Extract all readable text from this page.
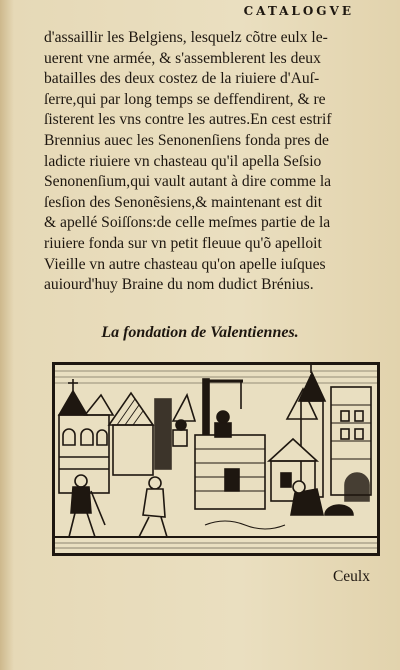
CATALOGVE
d'assaillir les Belgiens, lesquelz cõtre eulx le-
uerent vne armée, & s'assemblerent les deux
batailles des deux costez de la riuiere d'Auſ-
ſerre,qui par long temps se deffendirent, & re
ſisterent les vns contre les autres.En cest estrif
Brennius auec les Senonenſiens fonda pres de
ladicte riuiere vn chasteau qu'il apella Seſsio
Senonenſium,qui vault autant à dire comme la
ſesſion des Senonẽsiens,& maintenant est dit
& apellé Soiſſons:de celle meſmes partie de la
riuiere fonda sur vn petit fleuue qu'õ apelloit
Vieille vn autre chasteau qu'on apelle iuſques
auiourd'huy Braine du nom dudict Brénius.
La fondation de Valentiennes.
Ceulx
